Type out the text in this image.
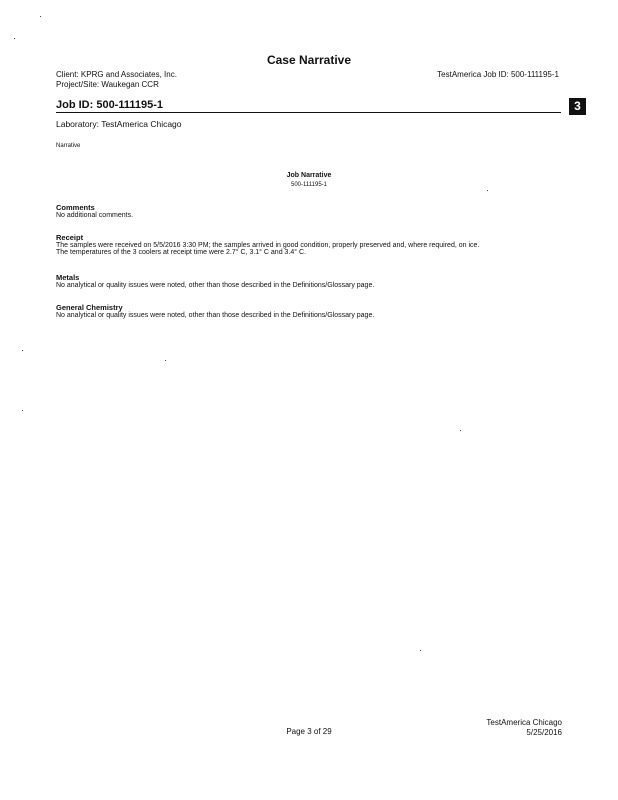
Case Narrative
Client: KPRG and Associates, Inc.
Project/Site: Waukegan CCR
TestAmerica Job ID: 500-111195-1
Job ID: 500-111195-1	3
Laboratory: TestAmerica Chicago
Narrative
Job Narrative
500-111195-1
Comments
No additional comments.
Receipt
The samples were received on 5/5/2016 3:30 PM; the samples arrived in good condition, properly preserved and, where required, on ice.
The temperatures of the 3 coolers at receipt time were 2.7° C, 3.1° C and 3.4° C.
Metals
No analytical or quality issues were noted, other than those described in the Definitions/Glossary page.
General Chemistry
No analytical or quality issues were noted, other than those described in the Definitions/Glossary page.
Page 3 of 29
TestAmerica Chicago
5/25/2016
